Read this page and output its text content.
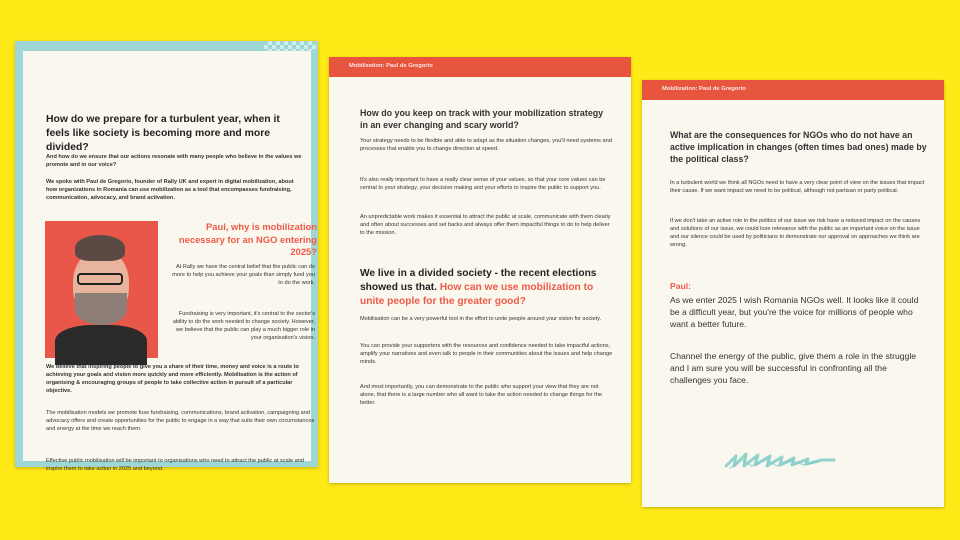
How do we prepare for a turbulent year, when it feels like society is becoming more and more divided?

And how do we ensure that our actions resonate with many people who believe in the values we promote and in our voice?

We spoke with Paul de Gregorio, founder of Rally UK and expert in digital mobilization, about how organizations in Romania can use mobilization as a tool that encompasses fundraising, communication, advocacy, and brand activation.

Paul, why is mobilization necessary for an NGO entering 2025?

At Rally we have the central belief that the public can do more to help you achieve your goals than simply fund you to do the work.

Fundraising is very important, it's central to the sector's ability to do the work needed to change society. However, we believe that the public can play a much bigger role in your organisation's vision.

We believe that inspiring people to give you a share of their time, money and voice is a route to achieving your goals and vision more quickly and more efficiently. Mobilisation is the action of organising & encouraging groups of people to take collective action in pursuit of a particular objective.

The mobilisation models we promote fuse fundraising, communications, brand activation, campaigning and advocacy offers and create opportunities for the public to engage in a way that suits their own circumstances and energy at the time we reach them.

Effective public mobilisation will be important to organisations who need to attract the public at scale and inspire them to take action in 2025 and beyond.

Mobilization: Paul de Gregorio

How do you keep on track with your mobilization strategy in an ever changing and scary world?

Your strategy needs to be flexible and able to adapt as the situation changes, you'll need systems and processes that enable you to change direction at speed.

It's also really important to have a really clear sense of your values, so that your core values can be central to your strategy, your decision making and your efforts to inspire the public to support you.

An unpredictable work makes it essential to attract the public at scale, communicate with them clearly and often about successes and set backs and always offer them impactful things to do to help deliver to the mission.

We live in a divided society - the recent elections showed us that. How can we use mobilization to unite people for the greater good?

Mobilisation can be a very powerful tool in the effort to unite people around your vision for society.

You can provide your supporters with the resources and confidence needed to take impactful actions, amplify your narratives and even talk to people in their communities about the issues and help change minds.

And most importantly, you can demonstrate to the public who support your view that they are not alone, that there is a large number who all want to take the action needed to change things for the better.

Mobilization: Paul de Gregorio

What are the consequences for NGOs who do not have an active implication in changes (often times bad ones) made by the political class?

In a turbulent world we think all NGOs need to have a very clear point of view on the issues that impact their cause. If we want impact we need to be political, although not partisan or party political.

If we don't take an active role in the politics of our issue we risk have a reduced impact on the causes and solutions of our issue, we could lose relevance with the public as an important voice on the issue and our silence could be used by politicians to demonstrate our approval on approaches we think are wrong.

Paul:

As we enter 2025 I wish Romania NGOs well. It looks like it could be a difficult year, but you're the voice for millions of people who want a better future.

Channel the energy of the public, give them a role in the struggle and I am sure you will be successful in confronting all the challenges you face.
